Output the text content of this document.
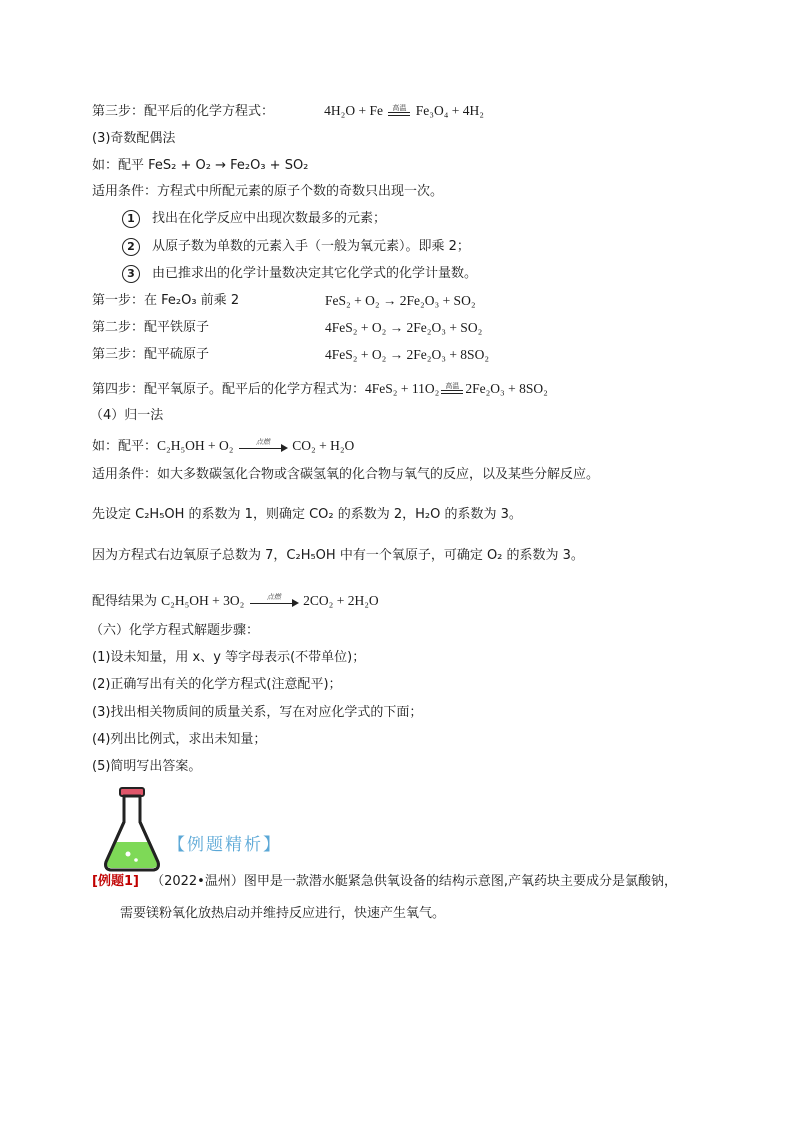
第三步：配平后的化学方程式：	4H₂O + Fe	高温 Fe₃O₄ + 4H₂
(3)奇数配偶法
如：配平 FeS₂ + O₂ → Fe₂O₃ + SO₂
适用条件：方程式中所配元素的原子个数的奇数只出现一次。
1 找出在化学反应中出现次数最多的元素；
2 从原子数为单数的元素入手（一般为氧元素）。即乘 2；
3 由已推求出的化学计量数决定其它化学式的化学计量数。
第一步：在 Fe₂O₃ 前乘 2	FeS₂ + O₂ → 2Fe₂O₃ + SO₂
第二步：配平铁原子	4FeS₂ + O₂ → 2Fe₂O₃ + SO₂
第三步：配平硫原子	4FeS₂ + O₂ → 2Fe₂O₃ + 8SO₂
第四步：配平氧原子。配平后的化学方程式为：4FeS₂ + 11O₂ 高温 2Fe₂O₃ + 8SO₂
（4）归一法
如：配平：C₂H₅OH + O₂	点燃	CO₂ + H₂O
适用条件：如大多数碳氢化合物或含碳氢氧的化合物与氧气的反应，以及某些分解反应。
先设定 C₂H₅OH 的系数为 1，则确定 CO₂ 的系数为 2，H₂O 的系数为 3。
因为方程式右边氧原子总数为 7，C₂H₅OH 中有一个氧原子，可确定 O₂ 的系数为 3。
配得结果为 C₂H₅OH + 3O₂	点燃	2CO₂ + 2H₂O
（六）化学方程式解题步骤：
(1)设未知量，用 x、y 等字母表示(不带单位)；
(2)正确写出有关的化学方程式(注意配平)；
(3)找出相关物质间的质量关系，写在对应化学式的下面；
(4)列出比例式，求出未知量；
(5)简明写出答案。
【例题精析】
[例题1] （2022•温州）图甲是一款潜水艇紧急供氧设备的结构示意图,产氧药块主要成分是氯酸钠，
需要镁粉氧化放热启动并维持反应进行，快速产生氧气。
